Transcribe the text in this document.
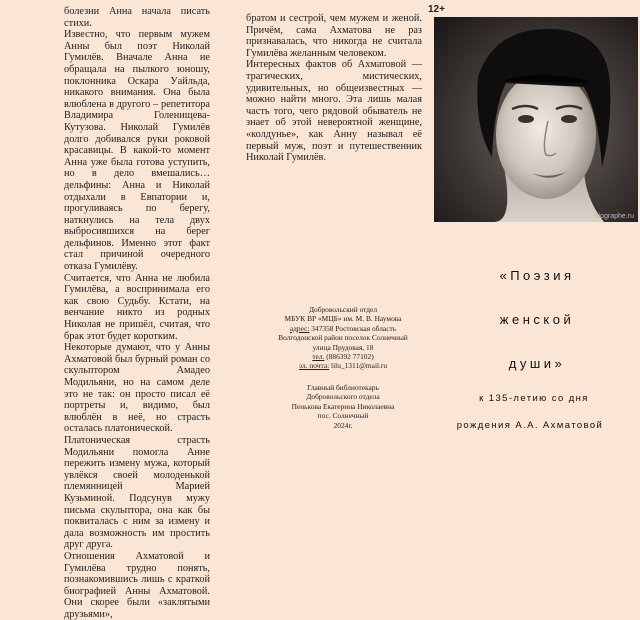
болезни Анна начала писать стихи.

Известно, что первым мужем Анны был поэт Николай Гумилёв. Вначале Анна не обращала на пылкого юношу, поклонника Оскара Уайльда, никакого внимания. Она была влюблена в другого – репетитора Владимира Голенищева-Кутузова. Николай Гумилёв долго добивался руки роковой красавицы. В какой-то момент Анна уже была готова уступить, но в дело вмешались… дельфины: Анна и Николай отдыхали в Евпатории и, прогуливаясь по берегу, наткнулись на тела двух выбросившихся на берег дельфинов. Именно этот факт стал причиной очередного отказа Гумилёву.

Считается, что Анна не любила Гумилёва, а воспринимала его как свою Судьбу. Кстати, на венчание никто из родных Николая не пришёл, считая, что брак этот будет коротким.

Некоторые думают, что у Анны Ахматовой был бурный роман со скульптором Амадео Модильяни, но на самом деле это не так: он просто писал её портреты и, видимо, был влюблён в неё, но страсть осталась платонической.

Платоническая страсть Модильяни помогла Анне пережить измену мужа, который увлёкся своей молоденькой племянницей Марией Кузьминой. Подсунув мужу письма скульптора, она как бы поквиталась с ним за измену и дала возможность им простить друг друга.

Отношения Ахматовой и Гумилёва трудно понять, познакомившись лишь с краткой биографией Анны Ахматовой. Они скорее были «заклятыми друзьями»,

братом и сестрой, чем мужем и женой. Причём, сама Ахматова не раз признавалась, что никогда не считала Гумилёва желанным человеком.

Интересных фактов об Ахматовой — трагических, мистических, удивительных, но общеизвестных — можно найти много. Эта лишь малая часть того, чего рядовой обыватель не знает об этой невероятной женщине, «колдунье», как Анну называл её первый муж, поэт и путешественник Николай Гумилёв.

Добровольский отдел
МБУК ВР «МЦБ» им. М. В. Наумова
адрес: 347358 Ростовская область
Волгодонской район поселок Солнечный
улица Прудовая, 18
тел. (886392 77102)
эл. почта: lilu_1311@mail.ru
Главный библиотекарь
Добровольского отдела
Пенькова Екатерина Николаевна
пос. Солнечный
2024г.
12+
biographe.ru
«Поэзия
женской
души»
к 135-летию со дня
рождения А.А. Ахматовой
